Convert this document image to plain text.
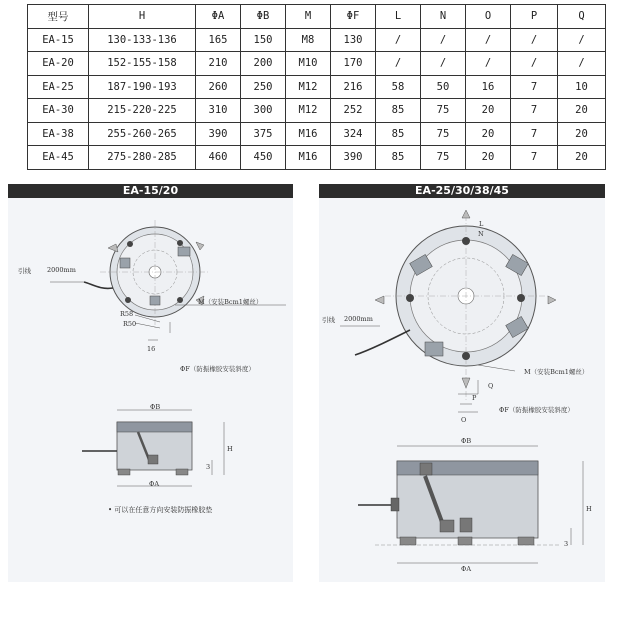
型号	H	ΦA	ΦB	M	ΦF	L	N	O	P	Q
EA-15	130-133-136	165	150	M8	130	/	/	/	/	/
EA-20	152-155-158	210	200	M10	170	/	/	/	/	/
EA-25	187-190-193	260	250	M12	216	58	50	16	7	10
EA-30	215-220-225	310	300	M12	252	85	75	20	7	20
EA-38	255-260-265	390	375	M16	324	85	75	20	7	20
EA-45	275-280-285	460	450	M16	390	85	75	20	7	20
EA-15/20
引线 2000mm
M（安装Bcm1螺丝）
R58
R50
16
ΦF（防振橡胶安装斜度）
ΦB
ΦA
H
3
• 可以在任意方向安装防振橡胶垫
EA-25/30/38/45
引线 2000mm
M（安装Bcm1螺丝）
L
N
Q
P
O
ΦF（防振橡胶安装斜度）
ΦB
ΦA
H
3
